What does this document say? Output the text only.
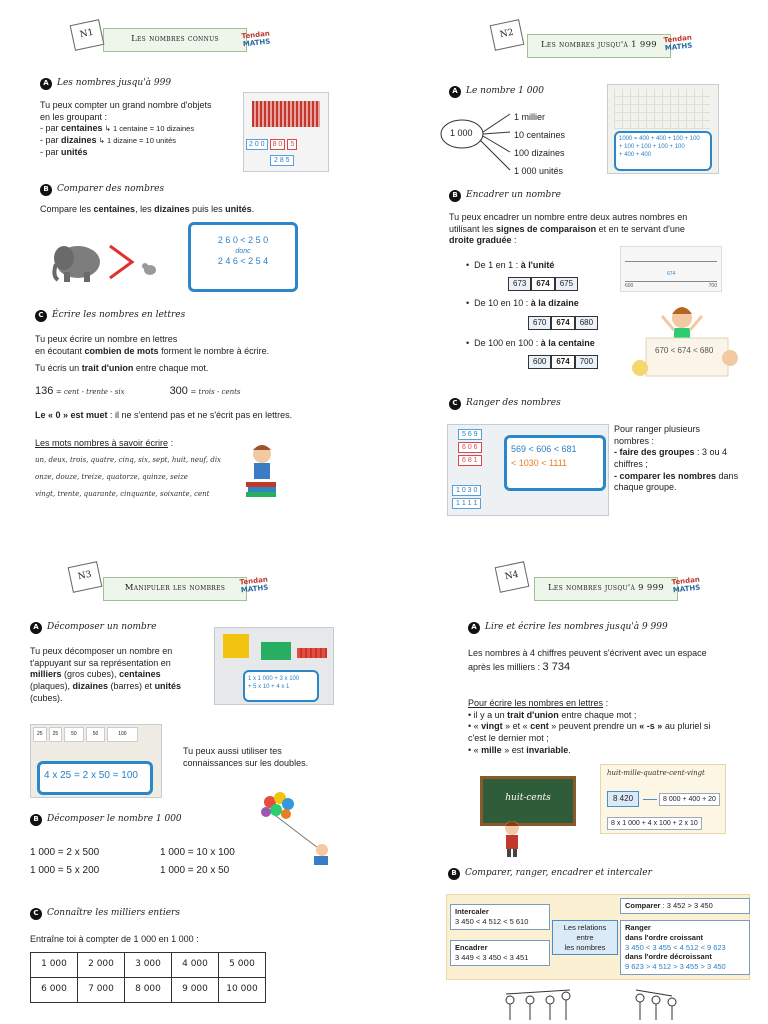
Les nombres connus
N1	Tendan
MATHS
A Les nombres jusqu'à 999
Tu peux compter un grand nombre d'objets
en les groupant :
- par centaines ↳ 1 centaine = 10 dizaines
- par dizaines ↳ 1 dizaine = 10 unités
- par unités
2 0 0	8 0	5
2 8 5
B Comparer des nombres
Compare les centaines, les dizaines puis les unités.
2 6 0 < 2 5 0
donc
2 4 6 < 2 5 4
C Écrire les nombres en lettres
Tu peux écrire un nombre en lettres
en écoutant combien de mots forment le nombre à écrire.
Tu écris un trait d'union entre chaque mot.
136 = cent - trente - six	300 = trois - cents
Le « 0 » est muet : il ne s'entend pas et ne s'écrit pas en lettres.
Les mots nombres à savoir écrire :
un, deux, trois, quatre, cinq, six, sept, huit, neuf, dix
onze, douze, treize, quatorze, quinze, seize
vingt, trente, quarante, cinquante, soixante, cent
Les nombres jusqu'à 1 999
N2	Tendan
MATHS
A Le nombre 1 000
1 000
1 millier
10 centaines
100 dizaines
1 000 unités
1000 = 400 + 400 + 100 + 100
+ 100 + 100 + 100 + 100
+ 400 + 400
B Encadrer un nombre
Tu peux encadrer un nombre entre deux autres nombres en
utilisant les signes de comparaison et en te servant d'une
droite graduée :
•  De 1 en 1 : à l'unité
673	674	675
•  De 10 en 10 : à la dizaine
670	674	680
•  De 100 en 100 : à la centaine
600	674	700
600	700
674
670 < 674 < 680
C Ranger des nombres
5 6 9
6 0 6
6 8 1
1 0 3 0
1 1 1 1
569 < 606 < 681
< 1030 < 1111
Pour ranger plusieurs
nombres :
- faire des groupes : 3 ou 4
chiffres ;
- comparer les nombres dans
chaque groupe.
Manipuler les nombres
N3	Tendan
MATHS
A Décomposer un nombre
Tu peux décomposer un nombre en
t'appuyant sur sa représentation en
milliers (gros cubes), centaines
(plaques), dizaines (barres) et unités
(cubes).
1 x 1 000 + 3 x 100
+ 5 x 10 + 4 x 1
25	25	50	50	100
4 x 25 = 2 x 50 = 100
Tu peux aussi utiliser tes
connaissances sur les doubles.
B Décomposer le nombre 1 000
1 000 = 2 x 500	1 000 = 10 x 100
1 000 = 5 x 200	1 000 = 20 x 50
C Connaître les milliers entiers
Entraîne toi à compter de 1 000 en 1 000 :
1 000	2 000	3 000	4 000	5 000
6 000	7 000	8 000	9 000	10 000
Les nombres jusqu'à 9 999
N4	Tendan
MATHS
A Lire et écrire les nombres jusqu'à 9 999
Les nombres à 4 chiffres peuvent s'écrivent avec un espace
après les milliers : 3 734
Pour écrire les nombres en lettres :
• il y a un trait d'union entre chaque mot ;
• « vingt » et « cent » peuvent prendre un « -s » au pluriel si
c'est le dernier mot ;
• « mille » est invariable.
huit-cents
huit-mille-quatre-cent-vingt
8 420	8 000 + 400 + 20
8 x 1 000 + 4 x 100 + 2 x 10
B Comparer, ranger, encadrer et intercaler
Intercaler
3 450 < 4 512 < 5 610
Encadrer
3 449 < 3 450 < 3 451
Les relations
entre
les nombres
Comparer : 3 452 > 3 450
Ranger
dans l'ordre croissant
3 450 < 3 455 < 4 512 < 9 623
dans l'ordre décroissant
9 623 > 4 512 > 3 455 > 3 450
